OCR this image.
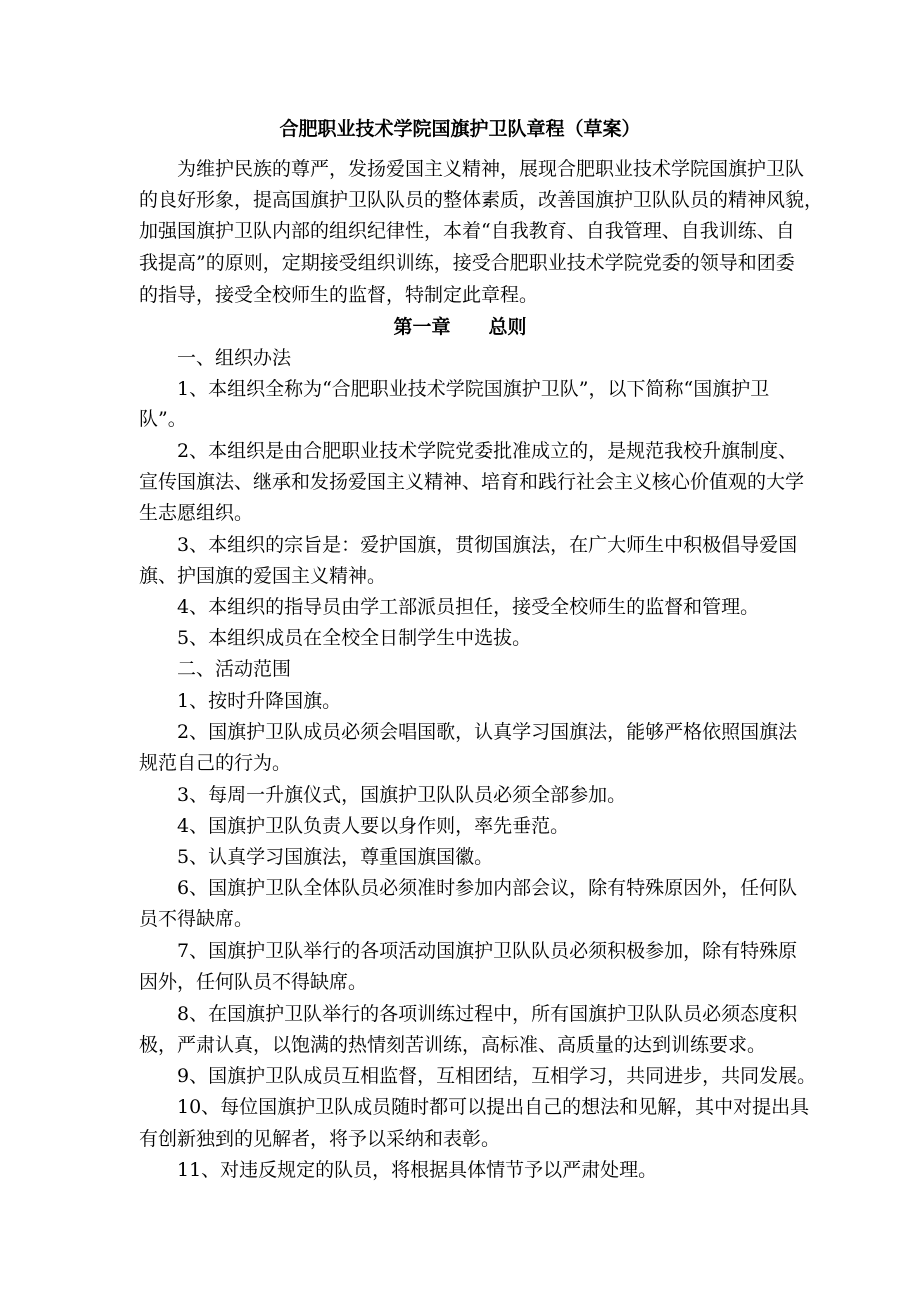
合肥职业技术学院国旗护卫队章程（草案）
为维护民族的尊严，发扬爱国主义精神，展现合肥职业技术学院国旗护卫队
的良好形象，提高国旗护卫队队员的整体素质，改善国旗护卫队队员的精神风貌，
加强国旗护卫队内部的组织纪律性，本着“自我教育、自我管理、自我训练、自
我提高”的原则，定期接受组织训练，接受合肥职业技术学院党委的领导和团委
的指导，接受全校师生的监督，特制定此章程。
第一章 总则
一、组织办法
1、本组织全称为“合肥职业技术学院国旗护卫队”，以下简称“国旗护卫
队”。
2、本组织是由合肥职业技术学院党委批准成立的，是规范我校升旗制度、
宣传国旗法、继承和发扬爱国主义精神、培育和践行社会主义核心价值观的大学
生志愿组织。
3、本组织的宗旨是：爱护国旗，贯彻国旗法，在广大师生中积极倡导爱国
旗、护国旗的爱国主义精神。
4、本组织的指导员由学工部派员担任，接受全校师生的监督和管理。
5、本组织成员在全校全日制学生中选拔。
二、活动范围
1、按时升降国旗。
2、国旗护卫队成员必须会唱国歌，认真学习国旗法，能够严格依照国旗法
规范自己的行为。
3、每周一升旗仪式，国旗护卫队队员必须全部参加。
4、国旗护卫队负责人要以身作则，率先垂范。
5、认真学习国旗法，尊重国旗国徽。
6、国旗护卫队全体队员必须准时参加内部会议，除有特殊原因外，任何队
员不得缺席。
7、国旗护卫队举行的各项活动国旗护卫队队员必须积极参加，除有特殊原
因外，任何队员不得缺席。
8、在国旗护卫队举行的各项训练过程中，所有国旗护卫队队员必须态度积
极，严肃认真，以饱满的热情刻苦训练，高标准、高质量的达到训练要求。
9、国旗护卫队成员互相监督，互相团结，互相学习，共同进步，共同发展。
10、每位国旗护卫队成员随时都可以提出自己的想法和见解，其中对提出具
有创新独到的见解者，将予以采纳和表彰。
11、对违反规定的队员，将根据具体情节予以严肃处理。
